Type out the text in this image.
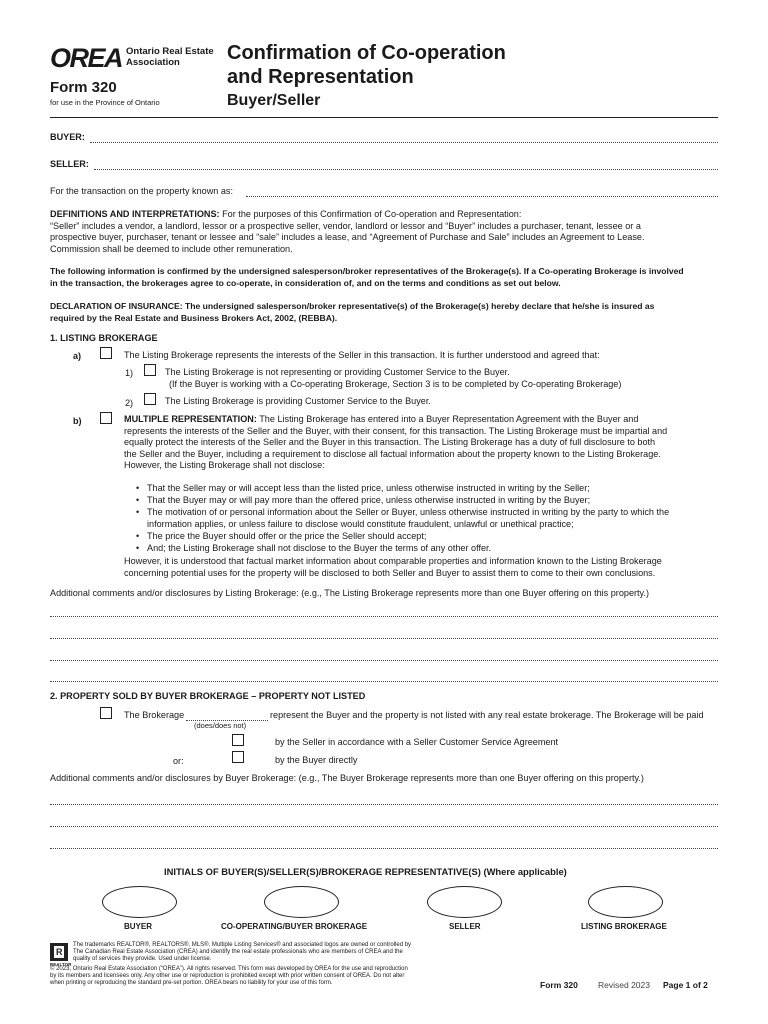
OREA Ontario Real Estate
Association
Form 320
for use in the Province of Ontario
Confirmation of Co-operation
and Representation
Buyer/Seller
BUYER:
SELLER:
For the transaction on the property known as:
DEFINITIONS AND INTERPRETATIONS: For the purposes of this Confirmation of Co-operation and Representation:
“Seller” includes a vendor, a landlord, lessor or a prospective seller, vendor, landlord or lessor and “Buyer” includes a purchaser, tenant, lessee or a
prospective buyer, purchaser, tenant or lessee and “sale” includes a lease, and “Agreement of Purchase and Sale” includes an Agreement to Lease.
Commission shall be deemed to include other remuneration.
The following information is confirmed by the undersigned salesperson/broker representatives of the Brokerage(s). If a Co-operating Brokerage is involved
in the transaction, the brokerages agree to co-operate, in consideration of, and on the terms and conditions as set out below.
DECLARATION OF INSURANCE: The undersigned salesperson/broker representative(s) of the Brokerage(s) hereby declare that he/she is insured as
required by the Real Estate and Business Brokers Act, 2002, (REBBA).
1. LISTING BROKERAGE
a)	The Listing Brokerage represents the interests of the Seller in this transaction. It is further understood and agreed that:
1)	The Listing Brokerage is not representing or providing Customer Service to the Buyer.
(If the Buyer is working with a Co-operating Brokerage, Section 3 is to be completed by Co-operating Brokerage)
2)	The Listing Brokerage is providing Customer Service to the Buyer.
b)	MULTIPLE REPRESENTATION: The Listing Brokerage has entered into a Buyer Representation Agreement with the Buyer and
represents the interests of the Seller and the Buyer, with their consent, for this transaction. The Listing Brokerage must be impartial and
equally protect the interests of the Seller and the Buyer in this transaction. The Listing Brokerage has a duty of full disclosure to both
the Seller and the Buyer, including a requirement to disclose all factual information about the property known to the Listing Brokerage.
However, the Listing Brokerage shall not disclose:
• That the Seller may or will accept less than the listed price, unless otherwise instructed in writing by the Seller;
• That the Buyer may or will pay more than the offered price, unless otherwise instructed in writing by the Buyer;
• The motivation of or personal information about the Seller or Buyer, unless otherwise instructed in writing by the party to which the
information applies, or unless failure to disclose would constitute fraudulent, unlawful or unethical practice;
• The price the Buyer should offer or the price the Seller should accept;
• And; the Listing Brokerage shall not disclose to the Buyer the terms of any other offer.
However, it is understood that factual market information about comparable properties and information known to the Listing Brokerage
concerning potential uses for the property will be disclosed to both Seller and Buyer to assist them to come to their own conclusions.
Additional comments and/or disclosures by Listing Brokerage: (e.g., The Listing Brokerage represents more than one Buyer offering on this property.)
2. PROPERTY SOLD BY BUYER BROKERAGE – PROPERTY NOT LISTED
The Brokerage	represent the Buyer and the property is not listed with any real estate brokerage. The Brokerage will be paid
(does/does not)
by the Seller in accordance with a Seller Customer Service Agreement
or:	by the Buyer directly
Additional comments and/or disclosures by Buyer Brokerage: (e.g., The Buyer Brokerage represents more than one Buyer offering on this property.)
INITIALS OF BUYER(S)/SELLER(S)/BROKERAGE REPRESENTATIVE(S) (Where applicable)
BUYER	CO-OPERATING/BUYER BROKERAGE	SELLER	LISTING BROKERAGE
R
REALTOR
The trademarks REALTOR®, REALTORS®, MLS®, Multiple Listing Services® and associated logos are owned or controlled by
The Canadian Real Estate Association (CREA) and identify the real estate professionals who are members of CREA and the
quality of services they provide. Used under license.
© 2023, Ontario Real Estate Association (“OREA”). All rights reserved. This form was developed by OREA for the use and reproduction
by its members and licensees only. Any other use or reproduction is prohibited except with prior written consent of OREA. Do not alter
when printing or reproducing the standard pre-set portion. OREA bears no liability for your use of this form.	Form 320 Revised 2023 Page 1 of 2
